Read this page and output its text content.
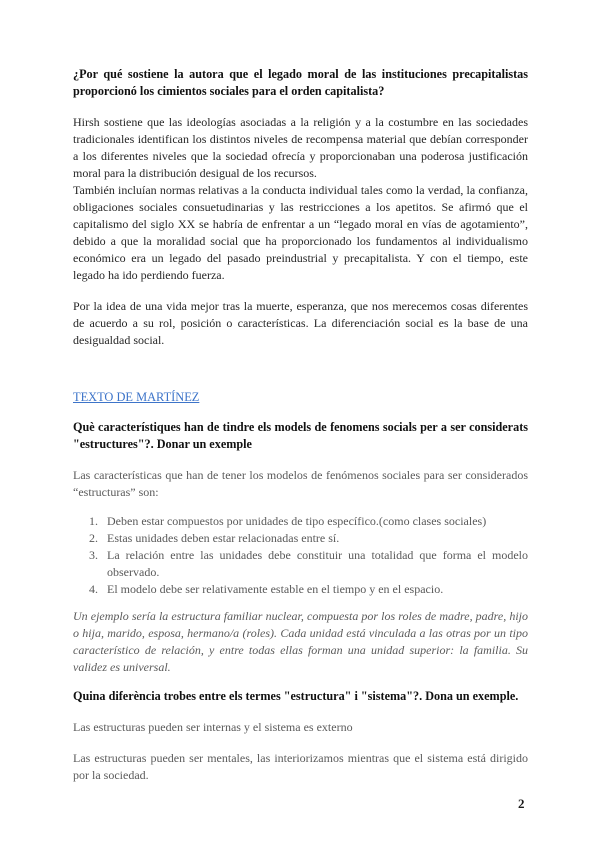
¿Por qué sostiene la autora que el legado moral de las instituciones precapitalistas proporcionó los cimientos sociales para el orden capitalista?

Hirsh sostiene que las ideologías asociadas a la religión y a la costumbre en las sociedades tradicionales identifican los distintos niveles de recompensa material que debían corresponder a los diferentes niveles que la sociedad ofrecía y proporcionaban una poderosa justificación moral para la distribución desigual de los recursos.

También incluían normas relativas a la conducta individual tales como la verdad, la confianza, obligaciones sociales consuetudinarias y las restricciones a los apetitos. Se afirmó que el capitalismo del siglo XX se habría de enfrentar a un “legado moral en vías de agotamiento”, debido a que la moralidad social que ha proporcionado los fundamentos al individualismo económico era un legado del pasado preindustrial y precapitalista. Y con el tiempo, este legado ha ido perdiendo fuerza.

Por la idea de una vida mejor tras la muerte, esperanza, que nos merecemos cosas diferentes de acuerdo a su rol, posición o características. La diferenciación social es la base de una desigualdad social.

TEXTO DE MARTÍNEZ

Què característiques han de tindre els models de fenomens socials per a ser considerats "estructures"?. Donar un exemple

Las características que han de tener los modelos de fenómenos sociales para ser considerados “estructuras” son:

1. Deben estar compuestos por unidades de tipo específico.(como clases sociales)
2. Estas unidades deben estar relacionadas entre sí.
3. La relación entre las unidades debe constituir una totalidad que forma el modelo observado.
4. El modelo debe ser relativamente estable en el tiempo y en el espacio.

Un ejemplo sería la estructura familiar nuclear, compuesta por los roles de madre, padre, hijo o hija, marido, esposa, hermano/a (roles). Cada unidad está vinculada a las otras por un tipo característico de relación, y entre todas ellas forman una unidad superior: la familia. Su validez es universal.

Quina diferència trobes entre els termes "estructura" i "sistema"?. Dona un exemple.

Las estructuras pueden ser internas y el sistema es externo

Las estructuras pueden ser mentales, las interiorizamos mientras que el sistema está dirigido por la sociedad.

2
